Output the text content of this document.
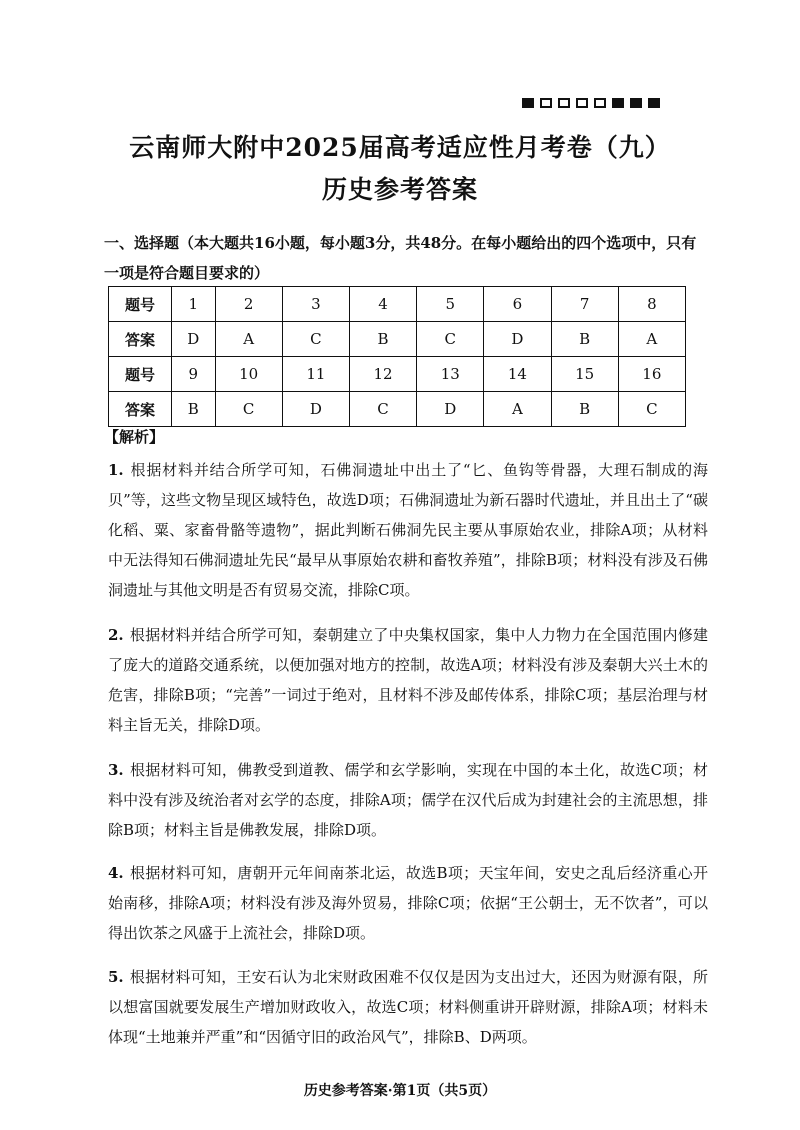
云南师大附中2025届高考适应性月考卷（九）
历史参考答案
一、选择题（本大题共16小题，每小题3分，共48分。在每小题给出的四个选项中，只有一项是符合题目要求的）
题号	1	2	3	4	5	6	7	8
答案	D	A	C	B	C	D	B	A
题号	9	10	11	12	13	14	15	16
答案	B	C	D	C	D	A	B	C
【解析】
1. 根据材料并结合所学可知，石佛洞遗址中出土了“匕、鱼钩等骨器，大理石制成的海贝”等，这些文物呈现区域特色，故选D项；石佛洞遗址为新石器时代遗址，并且出土了“碳化稻、粟、家畜骨骼等遗物”，据此判断石佛洞先民主要从事原始农业，排除A项；从材料中无法得知石佛洞遗址先民“最早从事原始农耕和畜牧养殖”，排除B项；材料没有涉及石佛洞遗址与其他文明是否有贸易交流，排除C项。
2. 根据材料并结合所学可知，秦朝建立了中央集权国家，集中人力物力在全国范围内修建了庞大的道路交通系统，以便加强对地方的控制，故选A项；材料没有涉及秦朝大兴土木的危害，排除B项；“完善”一词过于绝对，且材料不涉及邮传体系，排除C项；基层治理与材料主旨无关，排除D项。
3. 根据材料可知，佛教受到道教、儒学和玄学影响，实现在中国的本土化，故选C项；材料中没有涉及统治者对玄学的态度，排除A项；儒学在汉代后成为封建社会的主流思想，排除B项；材料主旨是佛教发展，排除D项。
4. 根据材料可知，唐朝开元年间南茶北运，故选B项；天宝年间，安史之乱后经济重心开始南移，排除A项；材料没有涉及海外贸易，排除C项；依据“王公朝士，无不饮者”，可以得出饮茶之风盛于上流社会，排除D项。
5. 根据材料可知，王安石认为北宋财政困难不仅仅是因为支出过大，还因为财源有限，所以想富国就要发展生产增加财政收入，故选C项；材料侧重讲开辟财源，排除A项；材料未体现“土地兼并严重”和“因循守旧的政治风气”，排除B、D两项。
历史参考答案·第1页（共5页）
